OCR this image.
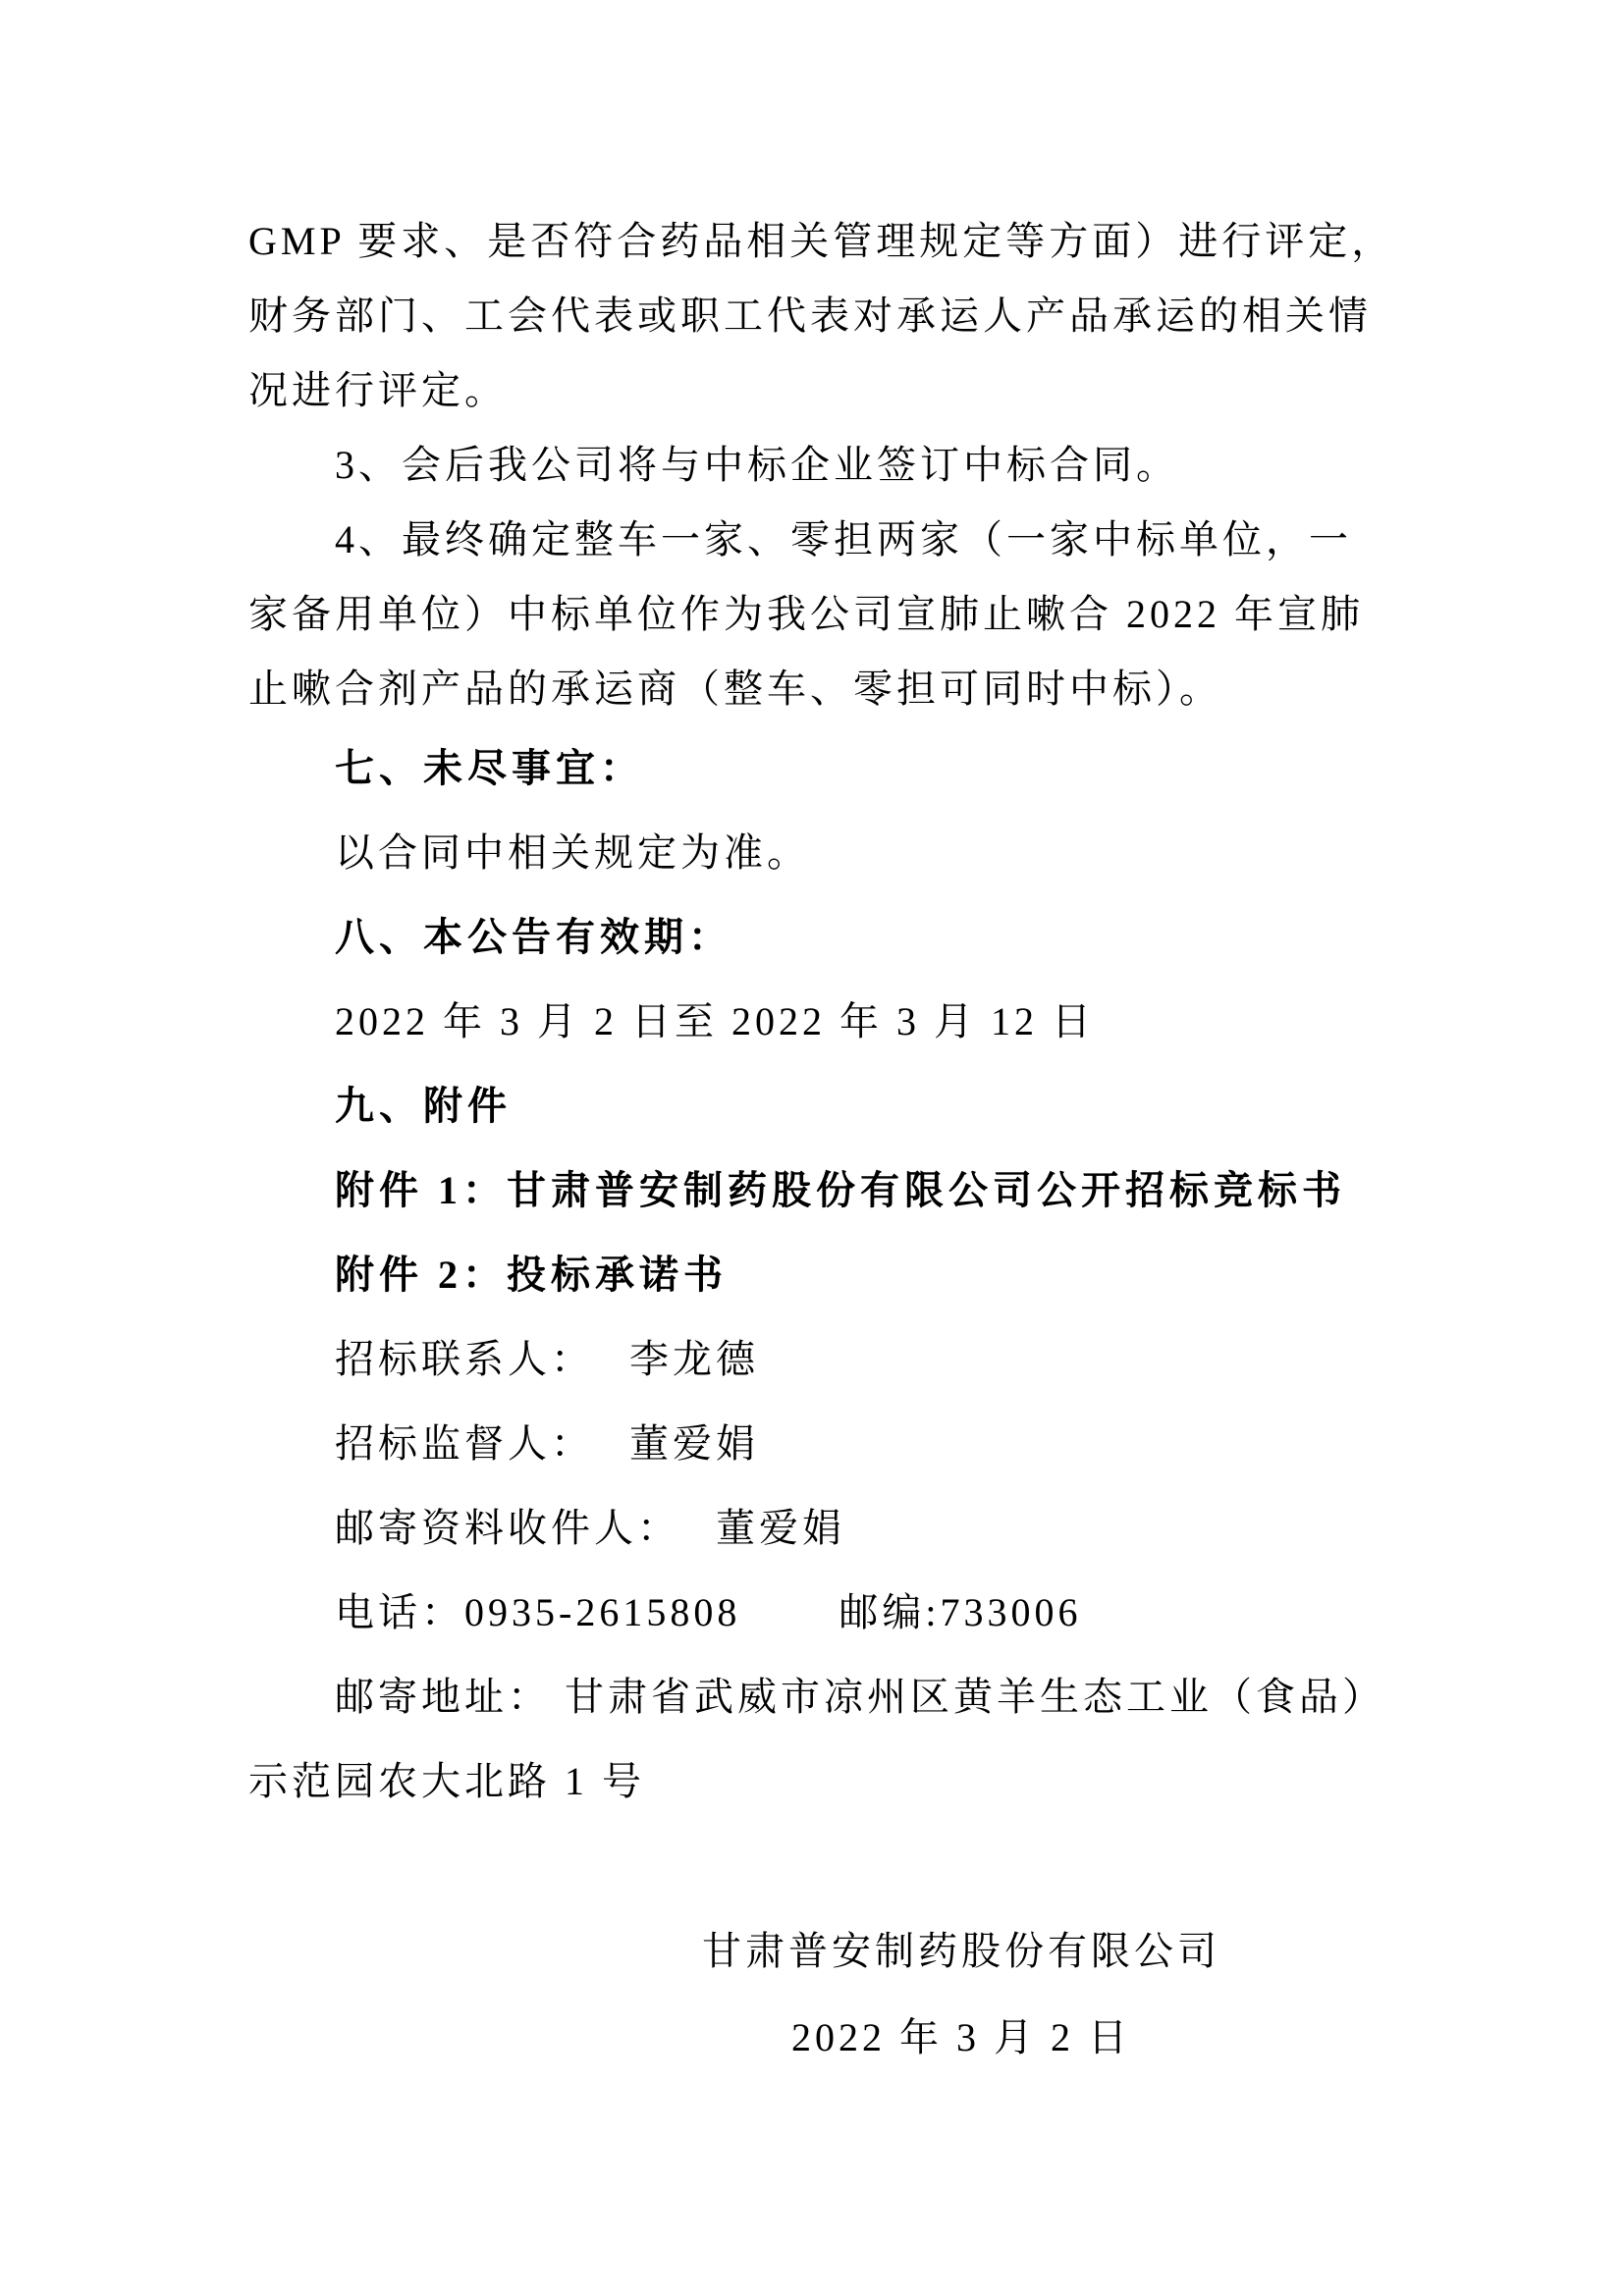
GMP 要求、是否符合药品相关管理规定等方面）进行评定，
财务部门、工会代表或职工代表对承运人产品承运的相关情
况进行评定。
3、会后我公司将与中标企业签订中标合同。
4、最终确定整车一家、零担两家（一家中标单位，一
家备用单位）中标单位作为我公司宣肺止嗽合 2022 年宣肺
止嗽合剂产品的承运商（整车、零担可同时中标）。
七、未尽事宜：
以合同中相关规定为准。
八、本公告有效期：
2022 年 3 月 2 日至 2022 年 3 月 12 日
九、附件
附件 1：甘肃普安制药股份有限公司公开招标竞标书
附件 2：投标承诺书
招标联系人： 李龙德
招标监督人： 董爱娟
邮寄资料收件人： 董爱娟
电话：0935-2615808	邮编:733006
邮寄地址： 甘肃省武威市凉州区黄羊生态工业（食品）
示范园农大北路 1 号
甘肃普安制药股份有限公司
2022 年 3 月 2 日
